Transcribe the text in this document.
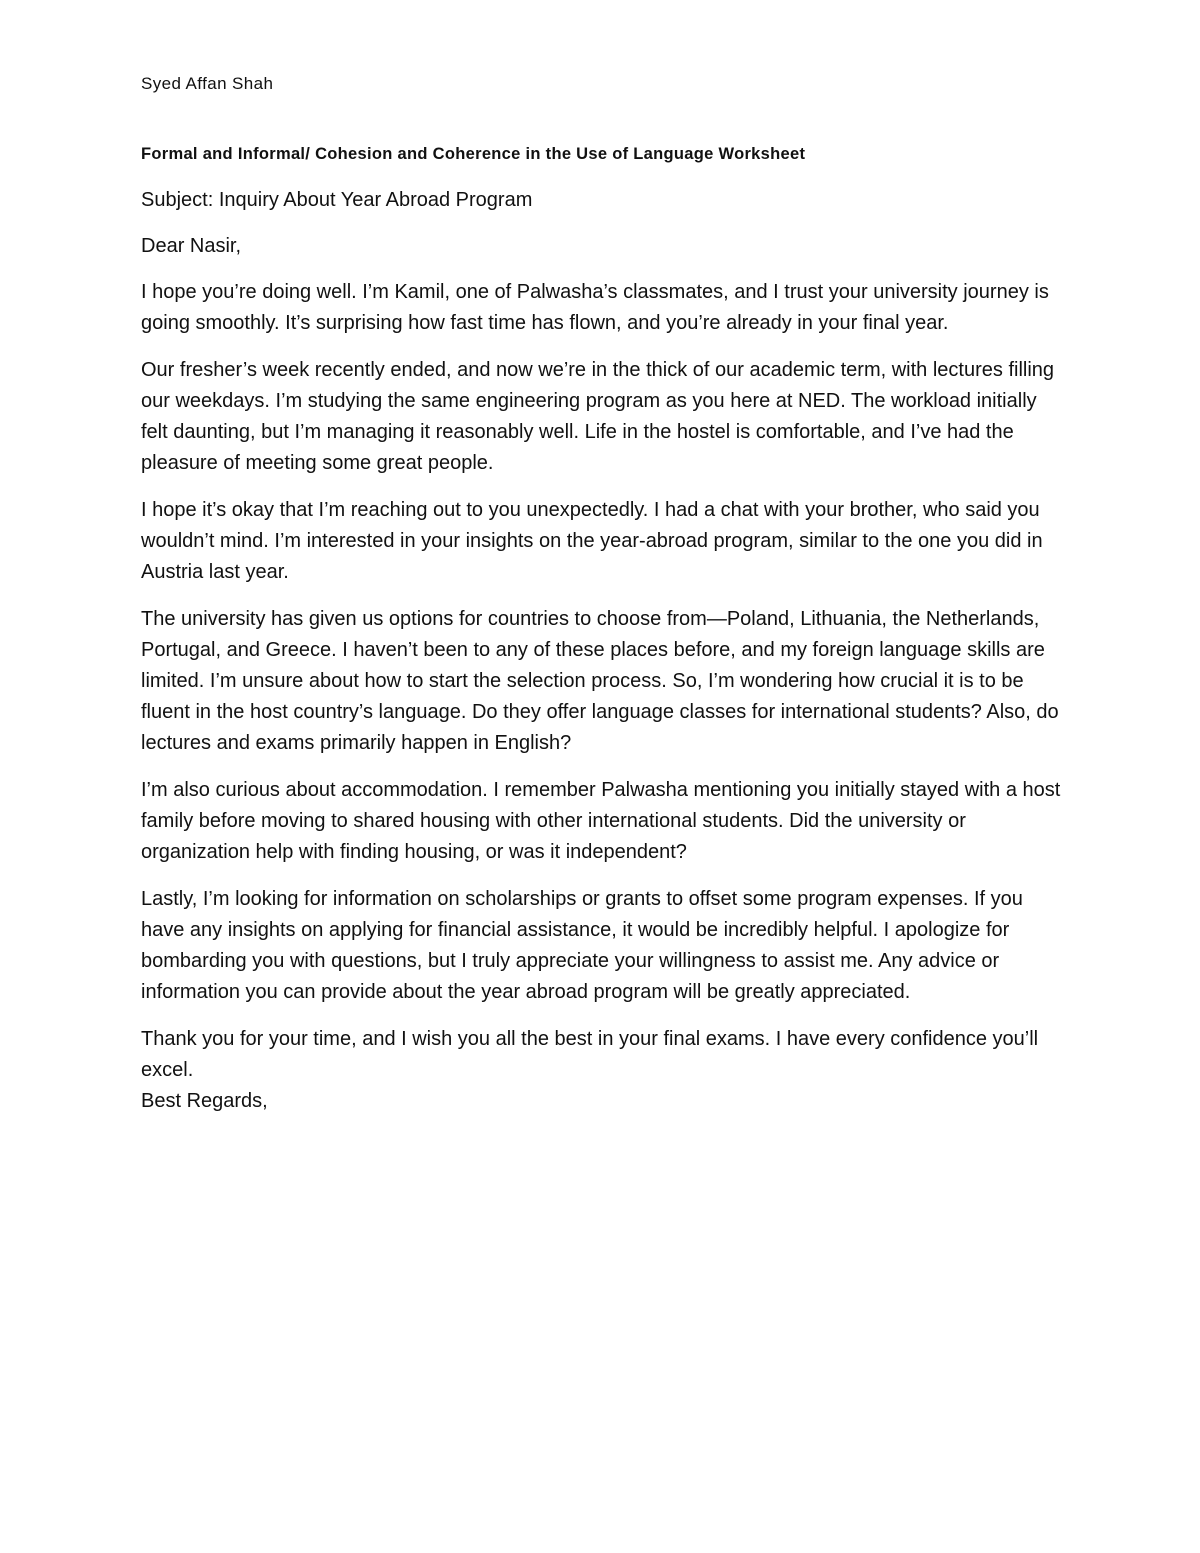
Syed Affan Shah

Formal and Informal/ Cohesion and Coherence in the Use of Language Worksheet

Subject: Inquiry About Year Abroad Program

Dear Nasir,

I hope you’re doing well. I’m Kamil, one of Palwasha’s classmates, and I trust your university journey is going smoothly. It’s surprising how fast time has flown, and you’re already in your final year.

Our fresher’s week recently ended, and now we’re in the thick of our academic term, with lectures filling our weekdays. I’m studying the same engineering program as you here at NED. The workload initially felt daunting, but I’m managing it reasonably well. Life in the hostel is comfortable, and I’ve had the pleasure of meeting some great people.

I hope it’s okay that I’m reaching out to you unexpectedly. I had a chat with your brother, who said you wouldn’t mind. I’m interested in your insights on the year-abroad program, similar to the one you did in Austria last year.

The university has given us options for countries to choose from—Poland, Lithuania, the Netherlands, Portugal, and Greece. I haven’t been to any of these places before, and my foreign language skills are limited. I’m unsure about how to start the selection process. So, I’m wondering how crucial it is to be fluent in the host country’s language. Do they offer language classes for international students? Also, do lectures and exams primarily happen in English?

I’m also curious about accommodation. I remember Palwasha mentioning you initially stayed with a host family before moving to shared housing with other international students. Did the university or organization help with finding housing, or was it independent?

Lastly, I’m looking for information on scholarships or grants to offset some program expenses. If you have any insights on applying for financial assistance, it would be incredibly helpful. I apologize for bombarding you with questions, but I truly appreciate your willingness to assist me. Any advice or information you can provide about the year abroad program will be greatly appreciated.

Thank you for your time, and I wish you all the best in your final exams. I have every confidence you’ll excel.

Best Regards,
